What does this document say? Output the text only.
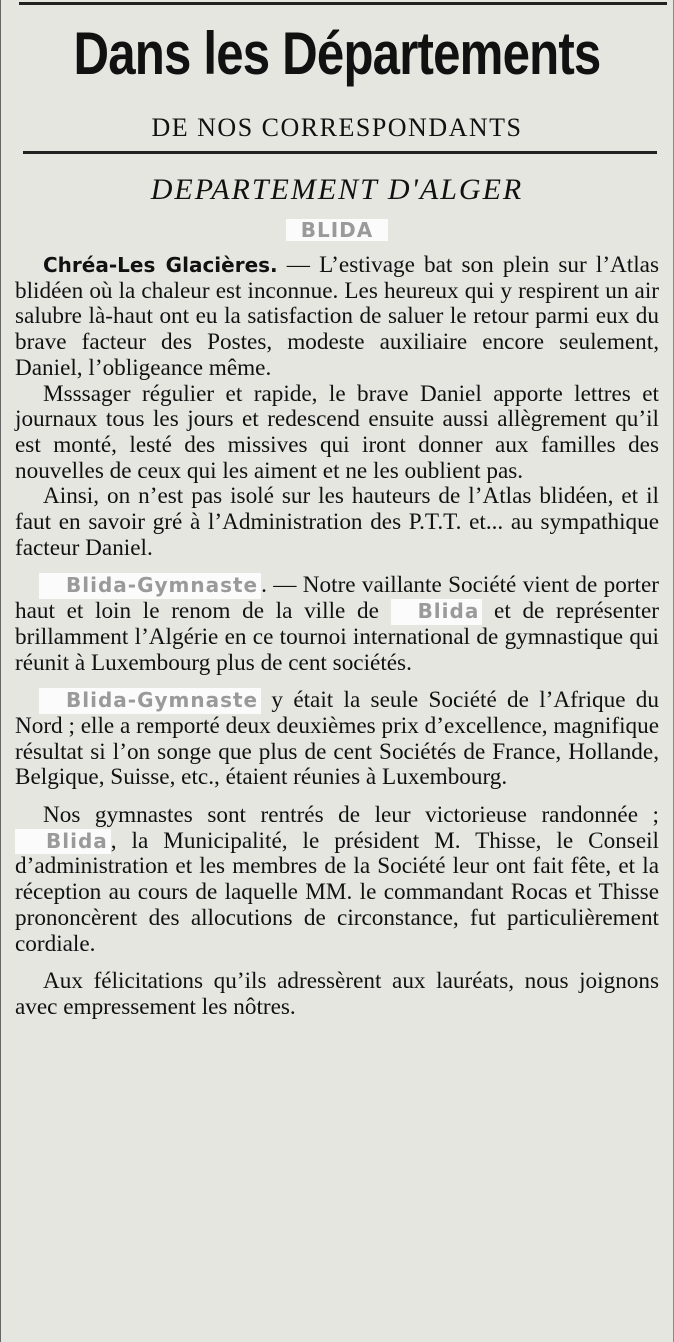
Dans les Départements
DE NOS CORRESPONDANTS
DEPARTEMENT D'ALGER
BLIDA

Chréa-Les Glacières. — L’estivage bat son plein sur l’Atlas blidéen où la chaleur est inconnue. Les heureux qui y respirent un air salubre là-haut ont eu la satisfaction de saluer le retour parmi eux du brave facteur des Postes, modeste auxiliaire encore seulement, Daniel, l’obligeance même.

Msssager régulier et rapide, le brave Daniel apporte lettres et journaux tous les jours et redescend ensuite aussi allègrement qu’il est monté, lesté des missives qui iront donner aux familles des nouvelles de ceux qui les aiment et ne les oublient pas.

Ainsi, on n’est pas isolé sur les hauteurs de l’Atlas blidéen, et il faut en savoir gré à l’Administration des P.T.T. et... au sympathique facteur Daniel.

Blida-Gymnaste . — Notre vaillante Société vient de porter haut et loin le renom de la ville de Blida et de représenter brillamment l’Algérie en ce tournoi international de gymnastique qui réunit à Luxembourg plus de cent sociétés.

Blida-Gymnaste y était la seule Société de l’Afrique du Nord ; elle a remporté deux deuxièmes prix d’excellence, magnifique résultat si l’on songe que plus de cent Sociétés de France, Hollande, Belgique, Suisse, etc., étaient réunies à Luxembourg.

Nos gymnastes sont rentrés de leur victorieuse randonnée ; Blida , la Municipalité, le président M. Thisse, le Conseil d’administration et les membres de la Société leur ont fait fête, et la réception au cours de laquelle MM. le commandant Rocas et Thisse prononcèrent des allocutions de circonstance, fut particulièrement cordiale.

Aux félicitations qu’ils adressèrent aux lauréats, nous joignons avec empressement les nôtres.
